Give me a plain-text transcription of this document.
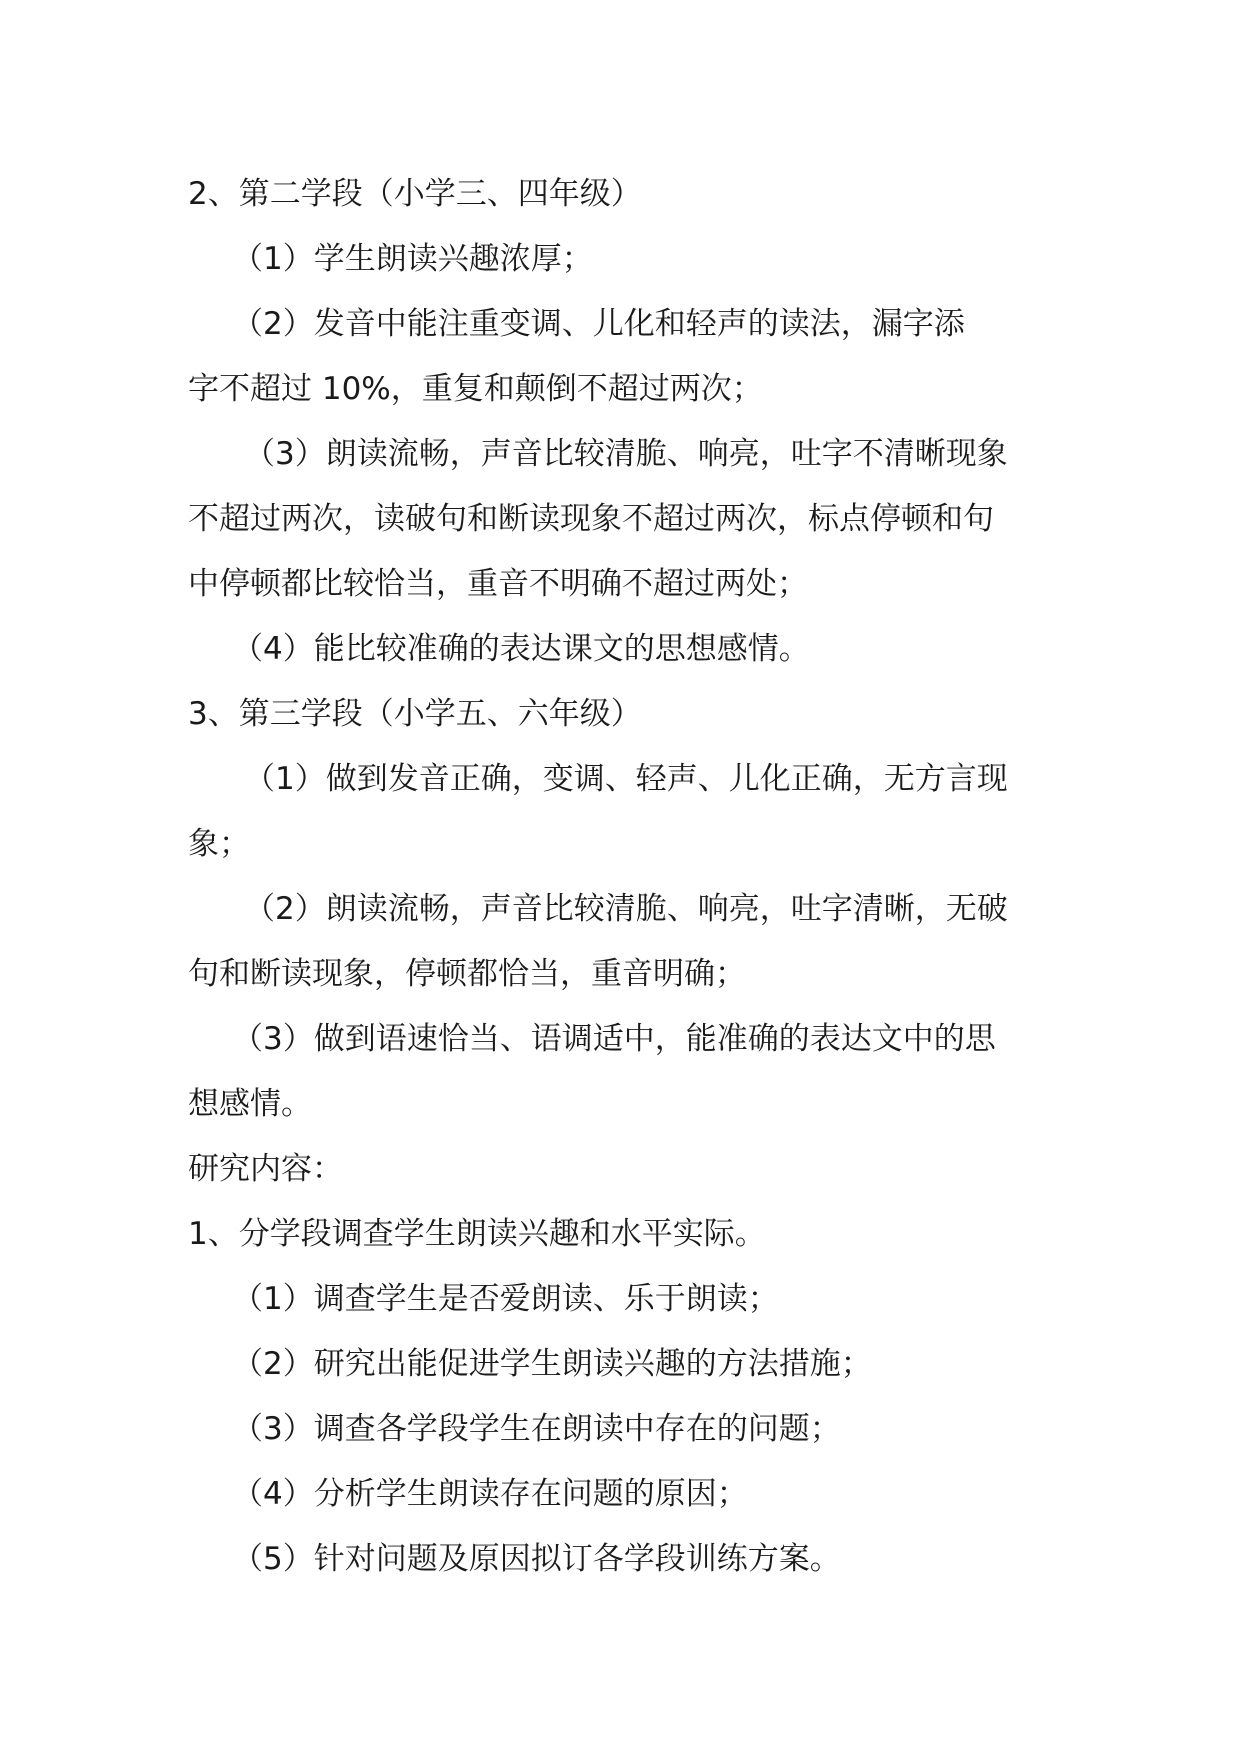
2、第二学段（小学三、四年级）
（1）学生朗读兴趣浓厚；
（2）发音中能注重变调、儿化和轻声的读法，漏字添
字不超过 10%，重复和颠倒不超过两次；
（3）朗读流畅，声音比较清脆、响亮，吐字不清晰现象
不超过两次，读破句和断读现象不超过两次，标点停顿和句
中停顿都比较恰当，重音不明确不超过两处；
（4）能比较准确的表达课文的思想感情。
3、第三学段（小学五、六年级）
（1）做到发音正确，变调、轻声、儿化正确，无方言现
象；
（2）朗读流畅，声音比较清脆、响亮，吐字清晰，无破
句和断读现象，停顿都恰当，重音明确；
（3）做到语速恰当、语调适中，能准确的表达文中的思
想感情。
研究内容：
1、分学段调查学生朗读兴趣和水平实际。
（1）调查学生是否爱朗读、乐于朗读；
（2）研究出能促进学生朗读兴趣的方法措施；
（3）调查各学段学生在朗读中存在的问题；
（4）分析学生朗读存在问题的原因；
（5）针对问题及原因拟订各学段训练方案。
